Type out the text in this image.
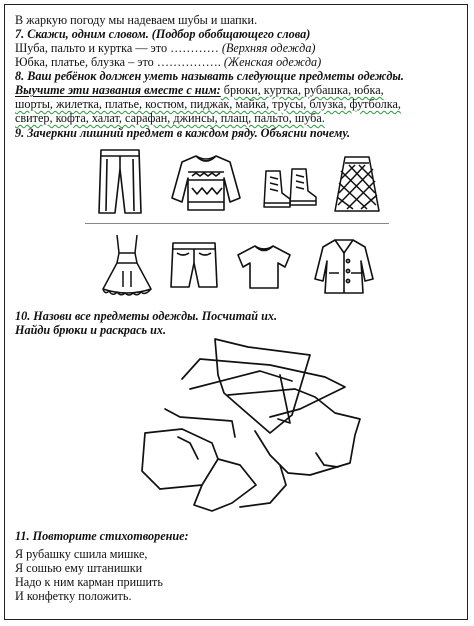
В жаркую погоду мы надеваем шубы и шапки.
7. Скажи, одним словом. (Подбор обобщающего слова)
Шуба, пальто и куртка — это ………… (Верхняя одежда)
Юбка, платье, блузка – это ……………. (Женская одежда)
8. Ваш ребёнок должен уметь называть следующие предметы одежды.
Выучите эти названия вместе с ним: брюки, куртка, рубашка, юбка,
шорты, жилетка, платье, костюм, пиджак, майка, трусы, блузка, футболка,
свитер, кофта, халат, сарафан, джинсы, плащ, пальто, шуба.
9. Зачеркни лишний предмет в каждом ряду. Объясни почему.
10. Назови все предметы одежды. Посчитай их.
Найди брюки и раскрась их.
11. Повторите стихотворение:
Я рубашку сшила мишке,
Я сошью ему штанишки
Надо к ним карман пришить
И конфетку положить.
